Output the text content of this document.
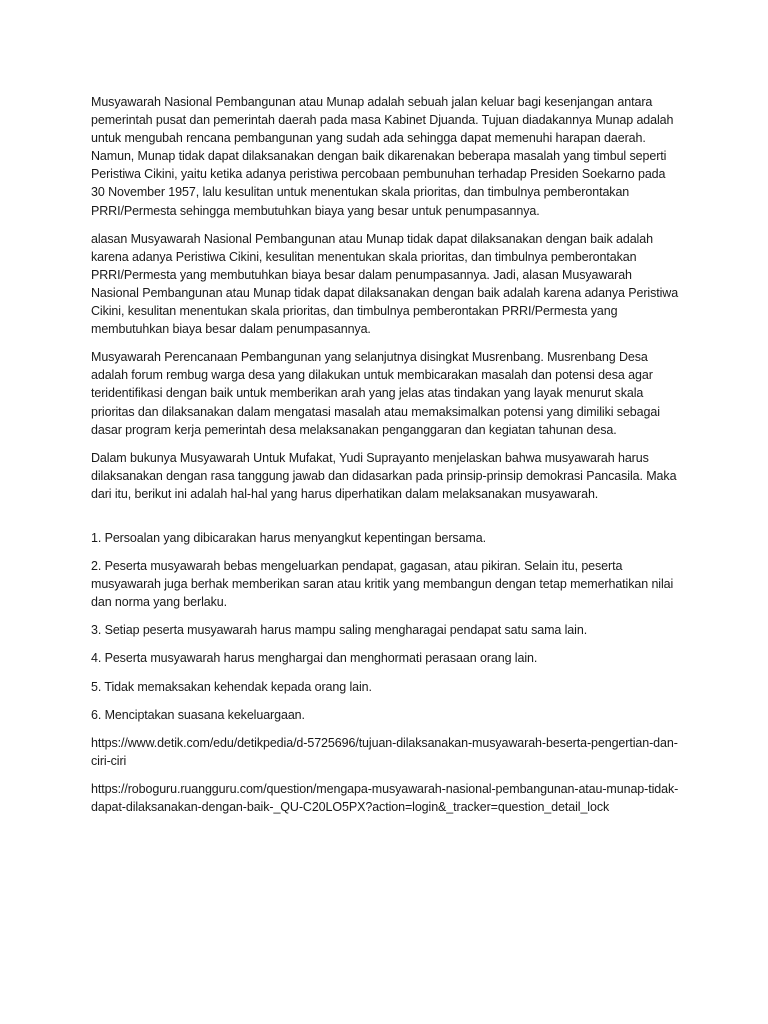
Musyawarah Nasional Pembangunan atau Munap adalah sebuah jalan keluar bagi kesenjangan antara pemerintah pusat dan pemerintah daerah pada masa Kabinet Djuanda. Tujuan diadakannya Munap adalah untuk mengubah rencana pembangunan yang sudah ada sehingga dapat memenuhi harapan daerah. Namun, Munap tidak dapat dilaksanakan dengan baik dikarenakan beberapa masalah yang timbul seperti Peristiwa Cikini, yaitu ketika adanya peristiwa percobaan pembunuhan terhadap Presiden Soekarno pada 30 November 1957, lalu kesulitan untuk menentukan skala prioritas, dan timbulnya pemberontakan PRRI/Permesta sehingga membutuhkan biaya yang besar untuk penumpasannya.

alasan Musyawarah Nasional Pembangunan atau Munap tidak dapat dilaksanakan dengan baik adalah karena adanya Peristiwa Cikini, kesulitan menentukan skala prioritas, dan timbulnya pemberontakan PRRI/Permesta yang membutuhkan biaya besar dalam penumpasannya. Jadi, alasan Musyawarah Nasional Pembangunan atau Munap tidak dapat dilaksanakan dengan baik adalah karena adanya Peristiwa Cikini, kesulitan menentukan skala prioritas, dan timbulnya pemberontakan PRRI/Permesta yang membutuhkan biaya besar dalam penumpasannya.

Musyawarah Perencanaan Pembangunan yang selanjutnya disingkat Musrenbang. Musrenbang Desa adalah forum rembug warga desa yang dilakukan untuk membicarakan masalah dan potensi desa agar teridentifikasi dengan baik untuk memberikan arah yang jelas atas tindakan yang layak menurut skala prioritas dan dilaksanakan dalam mengatasi masalah atau memaksimalkan potensi yang dimiliki sebagai dasar program kerja pemerintah desa melaksanakan penganggaran dan kegiatan tahunan desa.

Dalam bukunya Musyawarah Untuk Mufakat, Yudi Suprayanto menjelaskan bahwa musyawarah harus dilaksanakan dengan rasa tanggung jawab dan didasarkan pada prinsip-prinsip demokrasi Pancasila. Maka dari itu, berikut ini adalah hal-hal yang harus diperhatikan dalam melaksanakan musyawarah.

1. Persoalan yang dibicarakan harus menyangkut kepentingan bersama.

2. Peserta musyawarah bebas mengeluarkan pendapat, gagasan, atau pikiran. Selain itu, peserta musyawarah juga berhak memberikan saran atau kritik yang membangun dengan tetap memerhatikan nilai dan norma yang berlaku.

3. Setiap peserta musyawarah harus mampu saling mengharagai pendapat satu sama lain.

4. Peserta musyawarah harus menghargai dan menghormati perasaan orang lain.

5. Tidak memaksakan kehendak kepada orang lain.

6. Menciptakan suasana kekeluargaan.

https://www.detik.com/edu/detikpedia/d-5725696/tujuan-dilaksanakan-musyawarah-beserta-pengertian-dan-ciri-ciri

https://roboguru.ruangguru.com/question/mengapa-musyawarah-nasional-pembangunan-atau-munap-tidak-dapat-dilaksanakan-dengan-baik-_QU-C20LO5PX?action=login&_tracker=question_detail_lock
